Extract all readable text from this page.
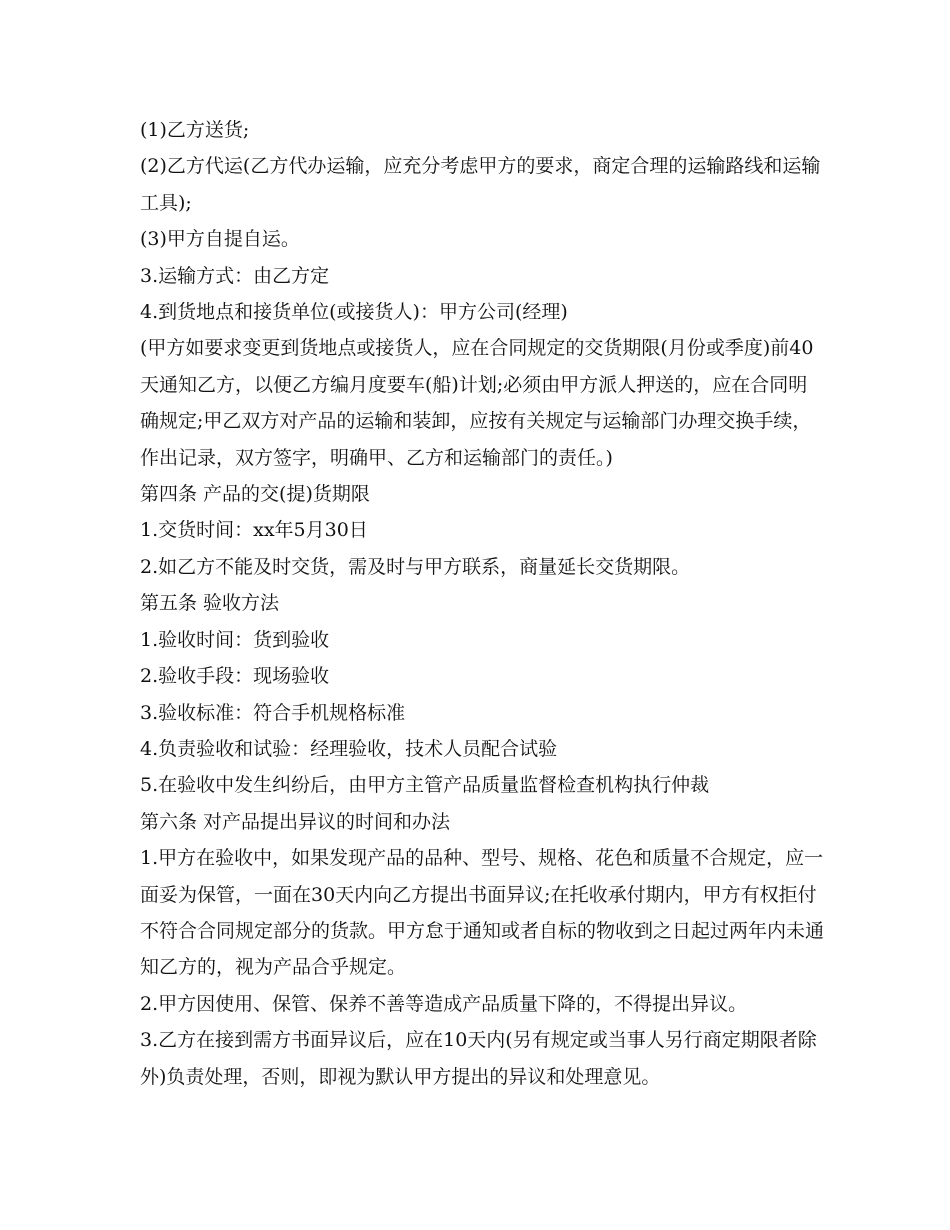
(1)乙方送货;

(2)乙方代运(乙方代办运输，应充分考虑甲方的要求，商定合理的运输路线和运输

工具);

(3)甲方自提自运。

3.运输方式：由乙方定

4.到货地点和接货单位(或接货人)：甲方公司(经理)

(甲方如要求变更到货地点或接货人，应在合同规定的交货期限(月份或季度)前40

天通知乙方，以便乙方编月度要车(船)计划;必须由甲方派人押送的，应在合同明

确规定;甲乙双方对产品的运输和装卸，应按有关规定与运输部门办理交换手续，

作出记录，双方签字，明确甲、乙方和运输部门的责任。)

第四条 产品的交(提)货期限

1.交货时间：xx年5月30日

2.如乙方不能及时交货，需及时与甲方联系，商量延长交货期限。

第五条 验收方法

1.验收时间：货到验收

2.验收手段：现场验收

3.验收标准：符合手机规格标准

4.负责验收和试验：经理验收，技术人员配合试验

5.在验收中发生纠纷后，由甲方主管产品质量监督检查机构执行仲裁

第六条 对产品提出异议的时间和办法

1.甲方在验收中，如果发现产品的品种、型号、规格、花色和质量不合规定，应一

面妥为保管，一面在30天内向乙方提出书面异议;在托收承付期内，甲方有权拒付

不符合合同规定部分的货款。甲方怠于通知或者自标的物收到之日起过两年内未通

知乙方的，视为产品合乎规定。

2.甲方因使用、保管、保养不善等造成产品质量下降的，不得提出异议。

3.乙方在接到需方书面异议后，应在10天内(另有规定或当事人另行商定期限者除

外)负责处理，否则，即视为默认甲方提出的异议和处理意见。
